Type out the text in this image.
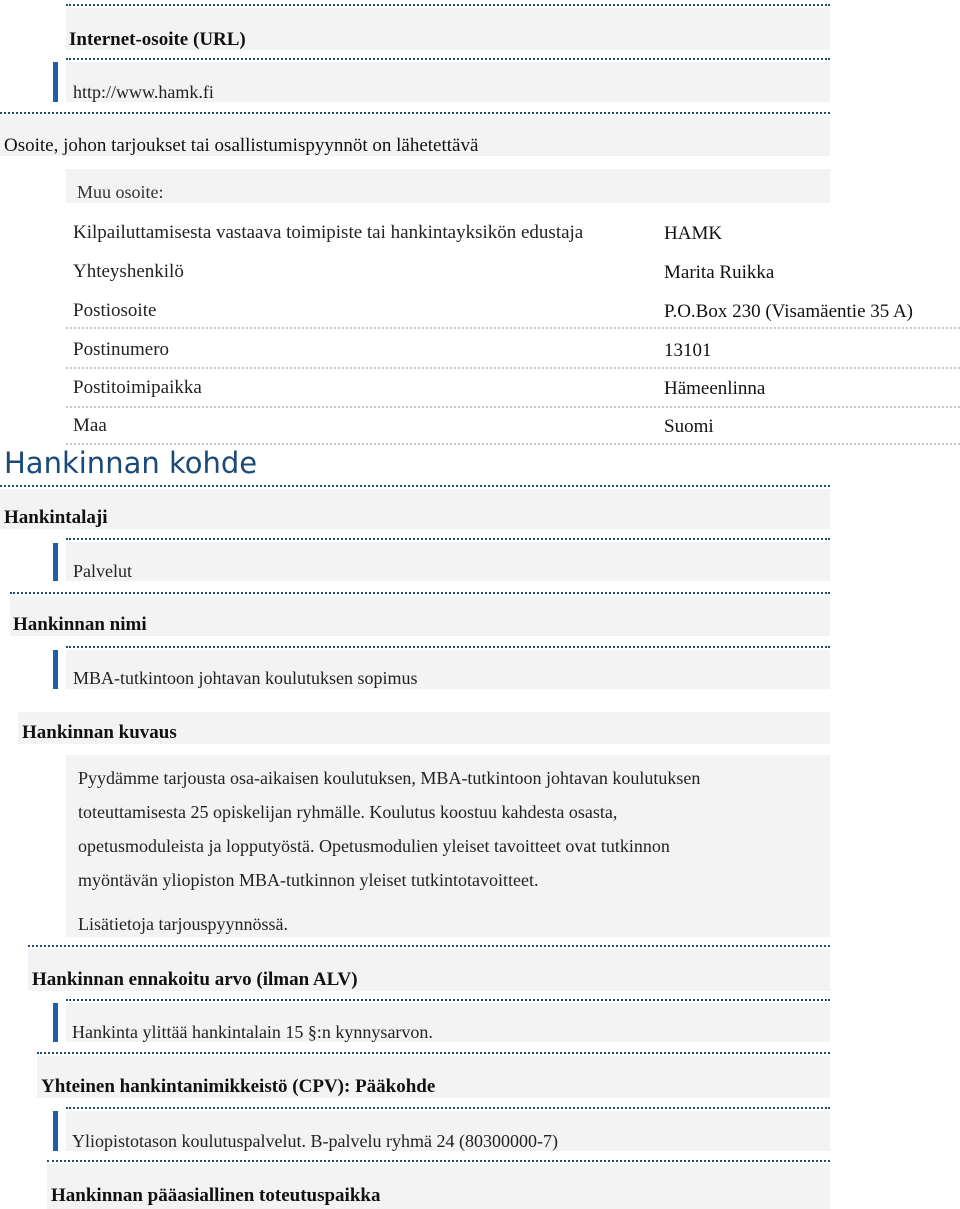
Internet-osoite (URL)
http://www.hamk.fi
Osoite, johon tarjoukset tai osallistumispyynnöt on lähetettävä
Muu osoite:
Kilpailuttamisesta vastaava toimipiste tai hankintayksikön edustaja	HAMK
Yhteyshenkilö	Marita Ruikka
Postiosoite	P.O.Box 230 (Visamäentie 35 A)
Postinumero	13101
Postitoimipaikka	Hämeenlinna
Maa	Suomi
Hankinnan kohde
Hankintalaji
Palvelut
Hankinnan nimi
MBA-tutkintoon johtavan koulutuksen sopimus
Hankinnan kuvaus
Pyydämme tarjousta osa-aikaisen koulutuksen, MBA-tutkintoon johtavan koulutuksen
toteuttamisesta 25 opiskelijan ryhmälle. Koulutus koostuu kahdesta osasta,
opetusmoduleista ja lopputyöstä. Opetusmodulien yleiset tavoitteet ovat tutkinnon
myöntävän yliopiston MBA-tutkinnon yleiset tutkintotavoitteet.
Lisätietoja tarjouspyynnössä.
Hankinnan ennakoitu arvo (ilman ALV)
Hankinta ylittää hankintalain 15 §:n kynnysarvon.
Yhteinen hankintanimikkeistö (CPV): Pääkohde
Yliopistotason koulutuspalvelut. B-palvelu ryhmä 24 (80300000-7)
Hankinnan pääasiallinen toteutuspaikka
